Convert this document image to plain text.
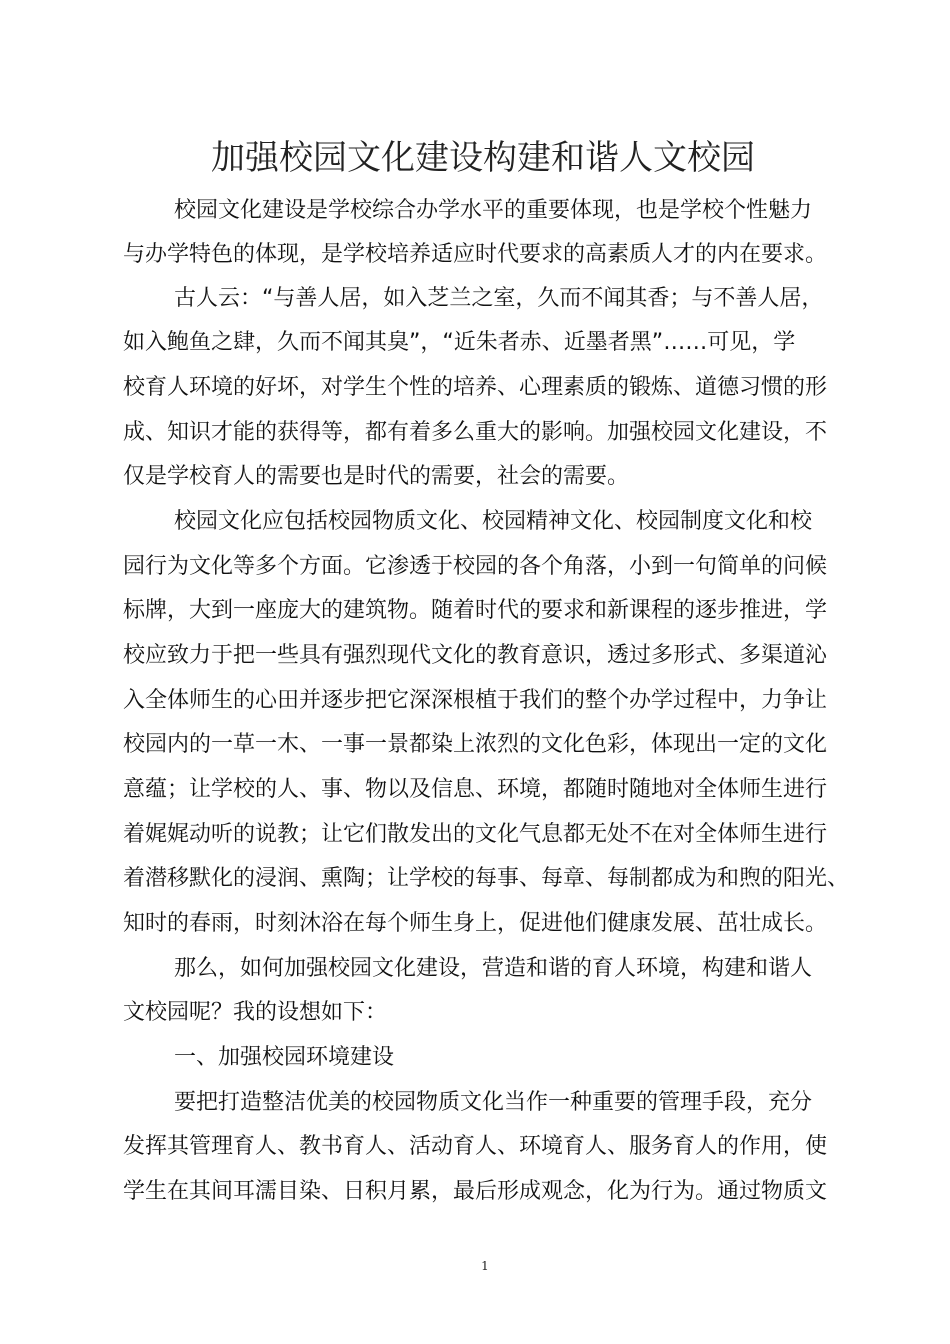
加强校园文化建设构建和谐人文校园
校园文化建设是学校综合办学水平的重要体现，也是学校个性魅力
与办学特色的体现，是学校培养适应时代要求的高素质人才的内在要求。
古人云：“与善人居，如入芝兰之室，久而不闻其香；与不善人居，
如入鲍鱼之肆，久而不闻其臭”，“近朱者赤、近墨者黑”……可见，学
校育人环境的好坏，对学生个性的培养、心理素质的锻炼、道德习惯的形
成、知识才能的获得等，都有着多么重大的影响。加强校园文化建设，不
仅是学校育人的需要也是时代的需要，社会的需要。
校园文化应包括校园物质文化、校园精神文化、校园制度文化和校
园行为文化等多个方面。它渗透于校园的各个角落，小到一句简单的问候
标牌，大到一座庞大的建筑物。随着时代的要求和新课程的逐步推进，学
校应致力于把一些具有强烈现代文化的教育意识，透过多形式、多渠道沁
入全体师生的心田并逐步把它深深根植于我们的整个办学过程中，力争让
校园内的一草一木、一事一景都染上浓烈的文化色彩，体现出一定的文化
意蕴；让学校的人、事、物以及信息、环境，都随时随地对全体师生进行
着娓娓动听的说教；让它们散发出的文化气息都无处不在对全体师生进行
着潜移默化的浸润、熏陶；让学校的每事、每章、每制都成为和煦的阳光、
知时的春雨，时刻沐浴在每个师生身上，促进他们健康发展、茁壮成长。
那么，如何加强校园文化建设，营造和谐的育人环境，构建和谐人
文校园呢？我的设想如下：
一、加强校园环境建设
要把打造整洁优美的校园物质文化当作一种重要的管理手段，充分
发挥其管理育人、教书育人、活动育人、环境育人、服务育人的作用，使
学生在其间耳濡目染、日积月累，最后形成观念，化为行为。通过物质文
1
